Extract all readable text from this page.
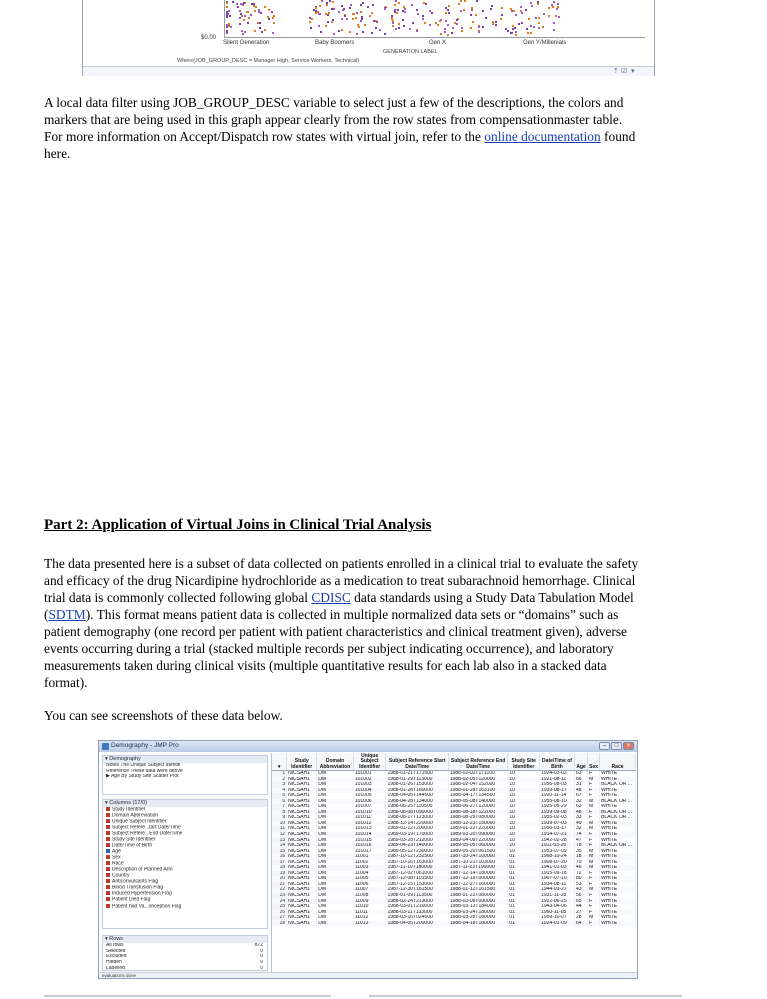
$0.00
Silent Generation	Baby Boomers	Gen X	Gen Y/Millenials
GENERATION LABEL
Where(JOB_GROUP_DESC = Manager High, Service Workers, Technical)
⇡ ☑ ▾
A local data filter using JOB_GROUP_DESC variable to select just a few of the descriptions, the colors and
markers that are being used in this graph appear clearly from the row states from compensationmaster table.
For more information on Accept/Dispatch row states with virtual join, refer to the online documentation found
here.
Part 2: Application of Virtual Joins in Clinical Trial Analysis
The data presented here is a subset of data collected on patients enrolled in a clinical trial to evaluate the safety
and efficacy of the drug Nicardipine hydrochloride as a medication to treat subarachnoid hemorrhage. Clinical
trial data is commonly collected following global CDISC data standards using a Study Data Tabulation Model
(SDTM). This format means patient data is collected in multiple normalized data sets or “domains” such as
patient demography (one record per patient with patient characteristics and clinical treatment given), adverse
events occurring during a trial (stacked multiple records per subject indicating occurrence), and laboratory
measurements taken during clinical visits (multiple quantitative results for each lab also in a stacked data
format).
You can see screenshots of these data below.
Demography - JMP Pro	–	□	×
▾ Demography
Notes The Unique Subject Identifi
Reference These data were derive
▶ Age By Study Site Scatter Plot
▾ Columns (17/0)
Study Identifier
Domain Abbreviation
Unique Subject Identifier
Subject Refere...tart Date/Time
Subject Refere...End Date/Time
Study Site Identifier
Date/Time of Birth
Age
Sex
Race
Description of Planned Arm
Country
Anticonvulsants Flag
Blood Transfusion Flag
Induced Hypertension Flag
Patient Died Flag
Patient had Va...onception Flag
▾ Rows
All rows	872
Selected	0
Excluded	0
Hidden	0
Labelled	0
▾	Study Identifier	Domain Abbreviation	Unique Subject Identifier	Subject Reference Start Date/Time	Subject Reference End Date/Time	Study Site Identifier	Date/Time of Birth	Age	Sex	Race
1	NICSAH1	DM	101001	1988-01-21T171500	1988-02-02T171100	10	1924-03-02	63	F	WHITE
2	NICSAH1	DM	101002	1988-01-29T113000	1988-02-05T120000	10	1921-08-11	66	M	WHITE
3	NICSAH1	DM	101003	1988-01-26T153000	1988-02-04T152000	10	1956-08-03	31	F	BLACK OR ...
4	NICSAH1	DM	101004	1988-01-28T160000	1988-01-28T163100	10	1939-08-17	48	F	WHITE
5	NICSAH1	DM	101005	1988-04-05T144500	1988-04-17T134500	10	1920-11-14	67	F	WHITE
6	NICSAH1	DM	101006	1988-04-28T134000	1988-05-08T140000	10	1955-08-10	32	M	BLACK OR ...
7	NICSAH1	DM	101007	1988-06-25T110500	1988-06-27T120000	10	1925-05-29	63	M	WHITE
8	NICSAH1	DM	101010	1988-08-08T090000	1988-08-18T122000	10	1939-09-08	48	F	BLACK OR ...
9	NICSAH1	DM	101011	1988-08-17T123000	1988-08-29T080000	10	1955-02-03	33	F	BLACK OR ...
10	NICSAH1	DM	101012	1988-12-14T220000	1988-12-23T150000	10	1939-07-03	49	M	WHITE
11	NICSAH1	DM	101013	1989-01-12T200000	1989-01-22T220000	10	1956-03-17	32	M	WHITE
12	NICSAH1	DM	101014	1989-03-19T170000	1989-03-20T090000	10	1914-07-21	74	F	WHITE
13	NICSAH1	DM	101015	1989-03-28T212000	1989-04-09T220000	10	1942-02-28	47	F	WHITE
14	NICSAH1	DM	101016	1989-04-23T140000	1989-05-05T060000	10	1911-03-20	78	F	BLACK OR ...
15	NICSAH1	DM	101017	1989-05-12T230000	1989-05-20T061500	10	1953-07-09	35	M	WHITE
16	NICSAH1	DM	11001	1987-10-12T232500	1987-10-24T100000	01	1968-10-24	18	M	WHITE
17	NICSAH1	DM	11002	1987-10-16T163000	1987-10-21T103000	01	1908-07-20	79	M	WHITE
18	NICSAH1	DM	11003	1987-11-10T180000	1987-11-23T190000	01	1941-01-03	46	M	WHITE
19	NICSAH1	DM	11004	1987-12-02T061000	1987-12-14T180000	01	1915-09-18	72	F	WHITE
20	NICSAH1	DM	11005	1987-12-08T101500	1987-12-19T000000	01	1907-07-10	80	F	WHITE
21	NICSAH1	DM	11006	1987-12-15T153000	1987-12-27T160000	01	1934-08-11	53	F	WHITE
22	NICSAH1	DM	11007	1987-12-30T161500	1988-01-12T161500	01	1944-03-27	43	M	WHITE
23	NICSAH1	DM	11008	1988-01-09T113500	1988-01-22T080000	01	1931-11-28	56	F	WHITE
24	NICSAH1	DM	11009	1988-02-24T213000	1988-03-09T090000	01	1922-06-25	65	F	WHITE
25	NICSAH1	DM	11010	1988-03-01T210000	1988-03-13T184000	01	1943-04-06	44	F	WHITE
26	NICSAH1	DM	11011	1988-03-11T133000	1988-03-24T180000	01	1960-11-05	27	F	WHITE
27	NICSAH1	DM	11012	1988-03-16T024500	1988-03-28T180000	01	1959-10-07	28	M	WHITE
28	NICSAH1	DM	11013	1988-04-05T200000	1988-04-18T180000	01	1924-01-09	64	F	WHITE
evaluations done
